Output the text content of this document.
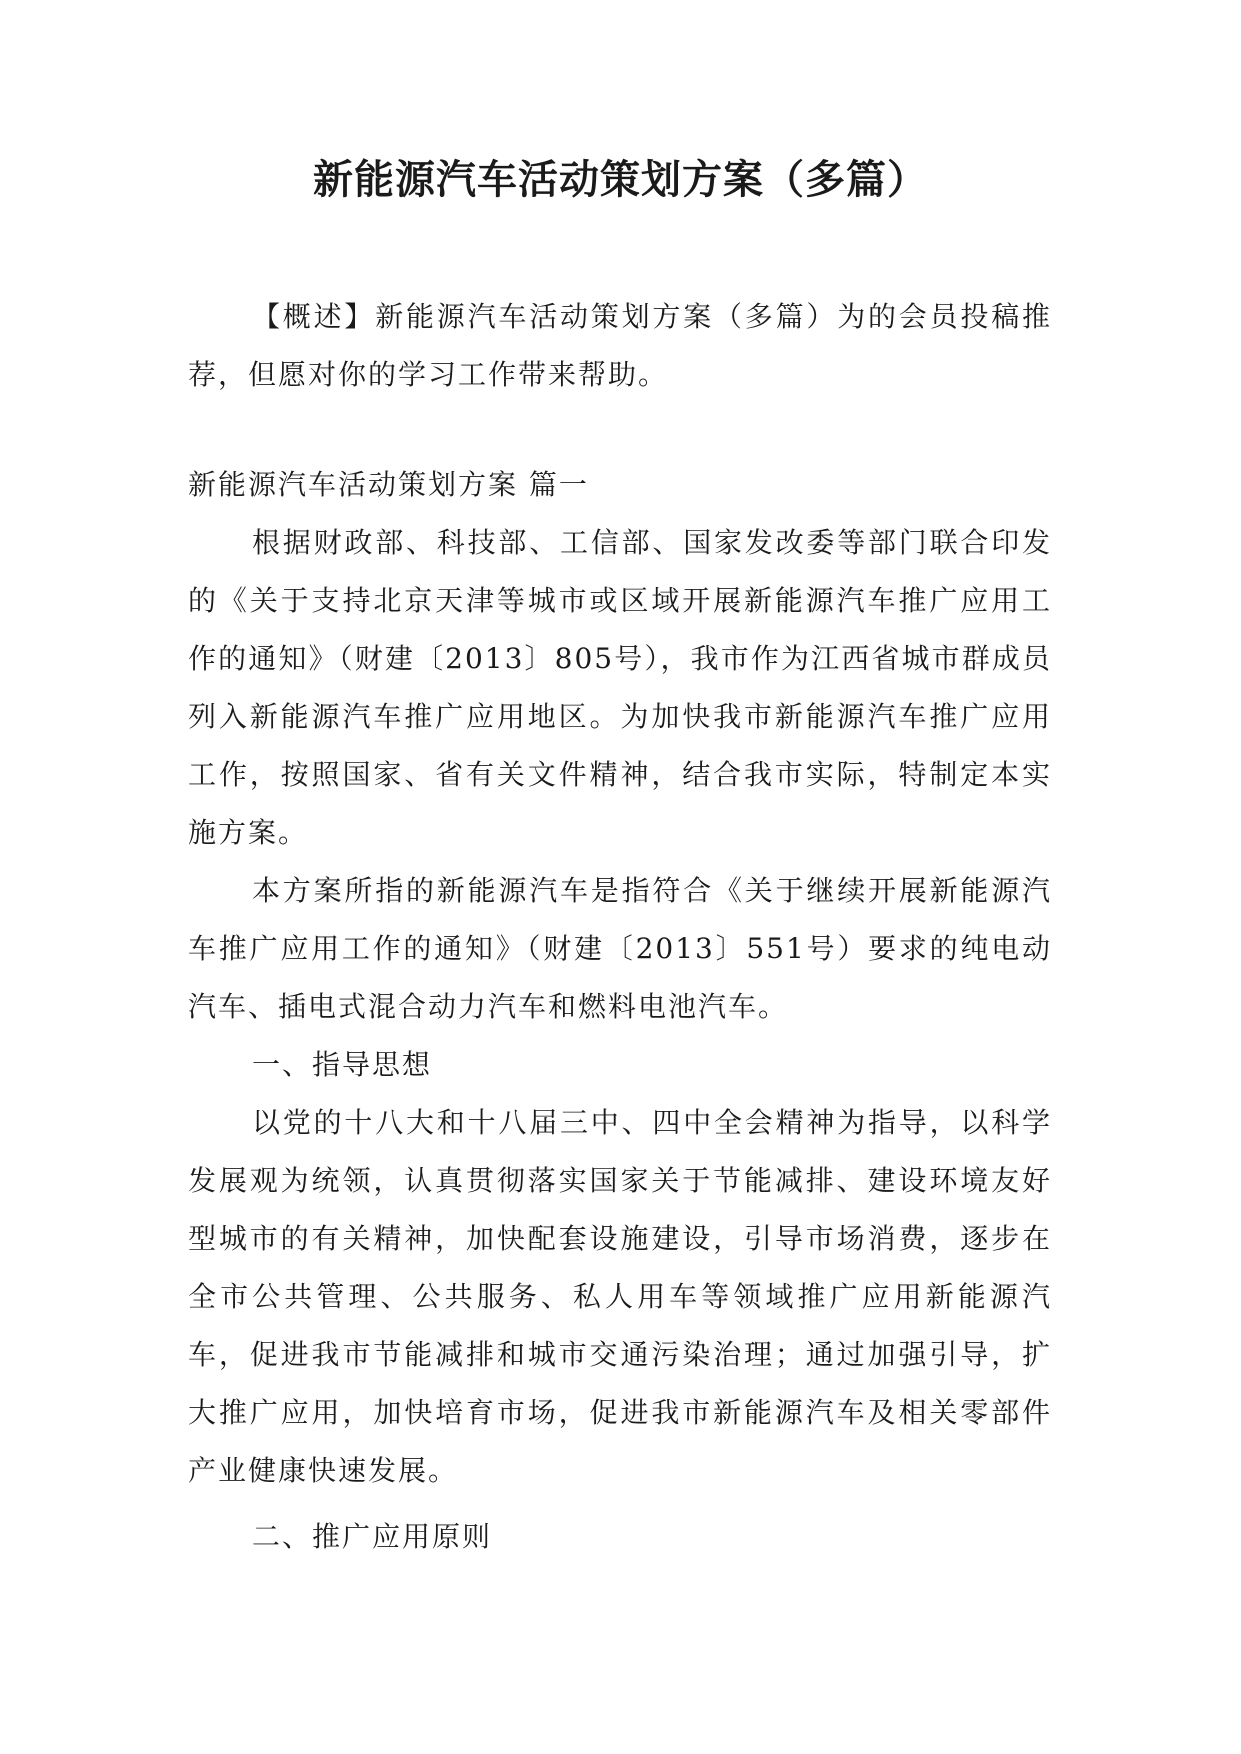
新能源汽车活动策划方案（多篇）

【概述】新能源汽车活动策划方案（多篇）为的会员投稿推荐，但愿对你的学习工作带来帮助。

新能源汽车活动策划方案 篇一

根据财政部、科技部、工信部、国家发改委等部门联合印发的《关于支持北京天津等城市或区域开展新能源汽车推广应用工作的通知》（财建〔2013〕805号），我市作为江西省城市群成员列入新能源汽车推广应用地区。为加快我市新能源汽车推广应用工作，按照国家、省有关文件精神，结合我市实际，特制定本实施方案。

本方案所指的新能源汽车是指符合《关于继续开展新能源汽车推广应用工作的通知》（财建〔2013〕551号）要求的纯电动汽车、插电式混合动力汽车和燃料电池汽车。

一、指导思想

以党的十八大和十八届三中、四中全会精神为指导，以科学发展观为统领，认真贯彻落实国家关于节能减排、建设环境友好型城市的有关精神，加快配套设施建设，引导市场消费，逐步在全市公共管理、公共服务、私人用车等领域推广应用新能源汽车，促进我市节能减排和城市交通污染治理；通过加强引导，扩大推广应用，加快培育市场，促进我市新能源汽车及相关零部件产业健康快速发展。

二、推广应用原则
